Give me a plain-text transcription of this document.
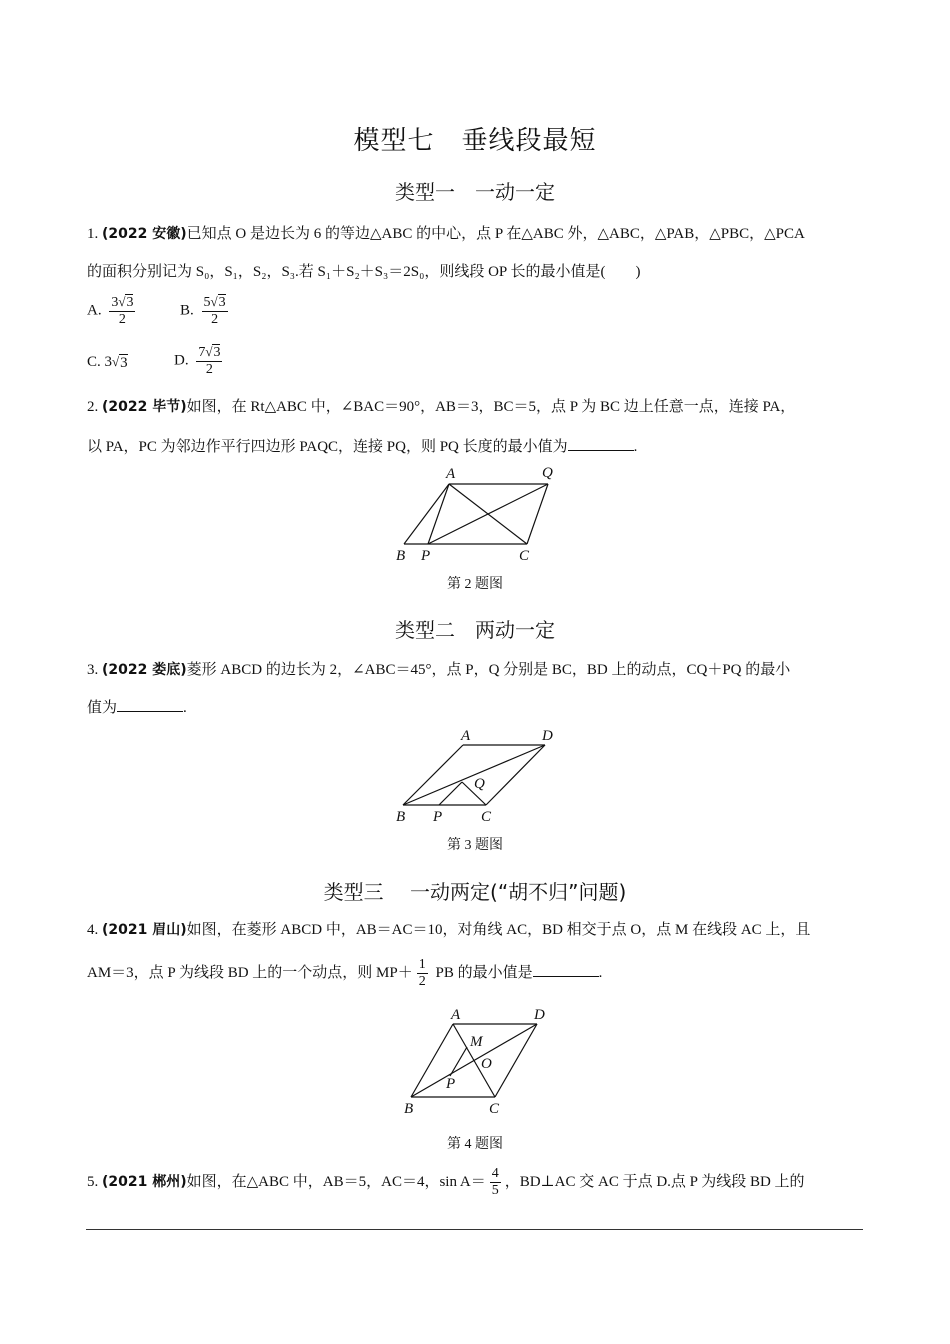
模型七　垂线段最短
类型一　一动一定
1. (2022 安徽)已知点 O 是边长为 6 的等边△ABC 的中心，点 P 在△ABC 外，△ABC，△PAB，△PBC，△PCA
的面积分别记为 S₀，S₁，S₂，S₃.若 S₁＋S₂＋S₃＝2S₀，则线段 OP 长的最小值是(　　)
A. $\frac{3 √ 3}{2}$	B. $\frac{5 √ 3}{2}$
C. 3 √ 3	D. $\frac{7 √ 3}{2}$
2. (2022 毕节)如图，在 Rt△ABC 中，∠BAC＝90°，AB＝3，BC＝5，点 P 为 BC 边上任意一点，连接 PA，
以 PA，PC 为邻边作平行四边形 PAQC，连接 PQ，则 PQ 长度的最小值为	.
A	Q
B P	C
A	D
Q
B P	C
A	D
M
O
P
B	C
第 2 题图
类型二　两动一定
3. (2022 娄底)菱形 ABCD 的边长为 2，∠ABC＝45°，点 P，Q 分别是 BC，BD 上的动点，CQ＋PQ 的最小
值为	.
第 3 题图
类型三　 一动两定(“胡不归”问题)
4. (2021 眉山)如图，在菱形 ABCD 中，AB＝AC＝10，对角线 AC，BD 相交于点 O，点 M 在线段 AC 上，且
AM＝3，点 P 为线段 BD 上的一个动点，则 $MP+ \frac{1}{2}$ PB 的最小值是	.
第 4 题图
5. (2021 郴州)如图，在△ABC 中，AB＝5，AC＝4，$\sin A= \frac{4}{5}$ ，BD⊥AC 交 AC 于点 D.点 P 为线段 BD 上的
